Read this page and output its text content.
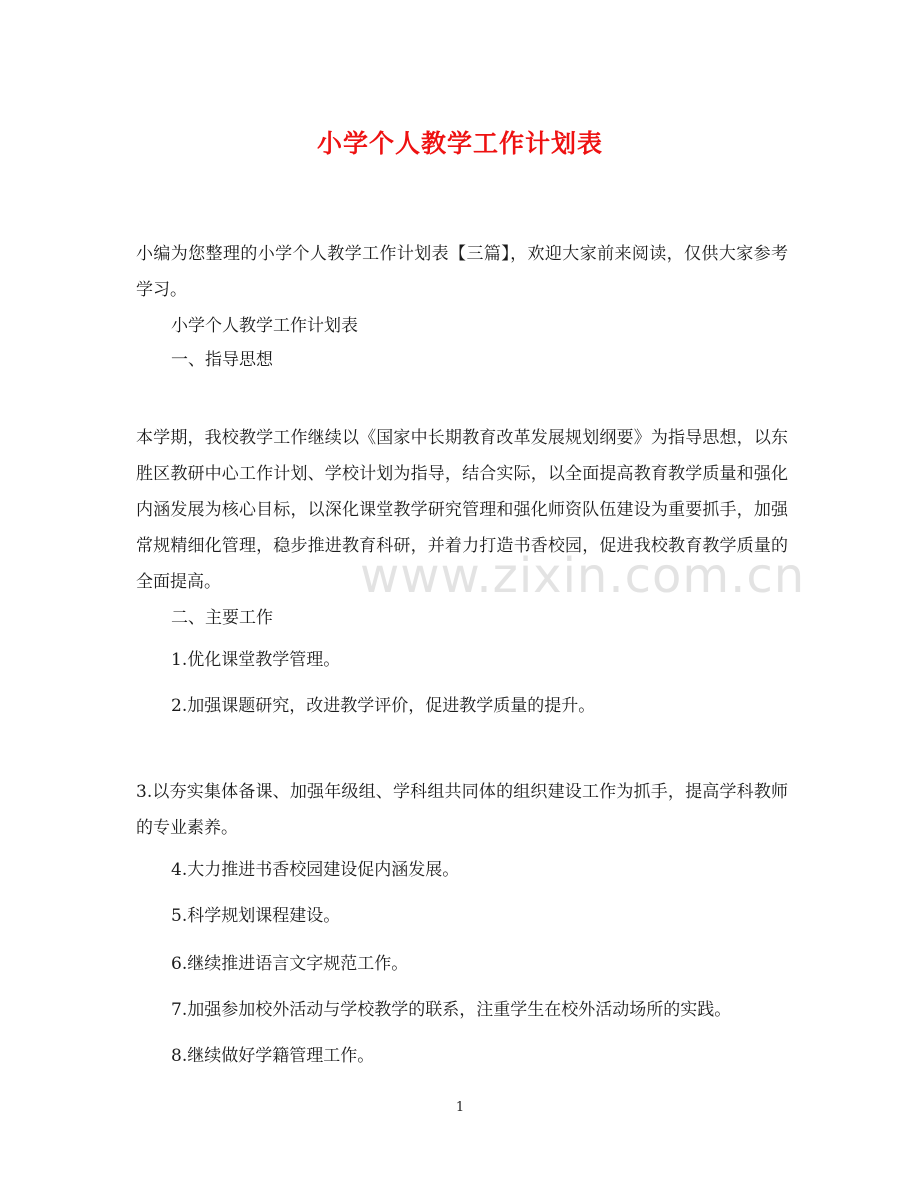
小学个人教学工作计划表
小编为您整理的小学个人教学工作计划表【三篇】，欢迎大家前来阅读，仅供大家参考学习。
小学个人教学工作计划表
一、指导思想
本学期，我校教学工作继续以《国家中长期教育改革发展规划纲要》为指导思想，以东胜区教研中心工作计划、学校计划为指导，结合实际，以全面提高教育教学质量和强化内涵发展为核心目标，以深化课堂教学研究管理和强化师资队伍建设为重要抓手，加强常规精细化管理，稳步推进教育科研，并着力打造书香校园，促进我校教育教学质量的全面提高。
二、主要工作
1.优化课堂教学管理。
2.加强课题研究，改进教学评价，促进教学质量的提升。
3.以夯实集体备课、加强年级组、学科组共同体的组织建设工作为抓手，提高学科教师的专业素养。
4.大力推进书香校园建设促内涵发展。
5.科学规划课程建设。
6.继续推进语言文字规范工作。
7.加强参加校外活动与学校教学的联系，注重学生在校外活动场所的实践。
8.继续做好学籍管理工作。
www.zixin.com.cn
1
